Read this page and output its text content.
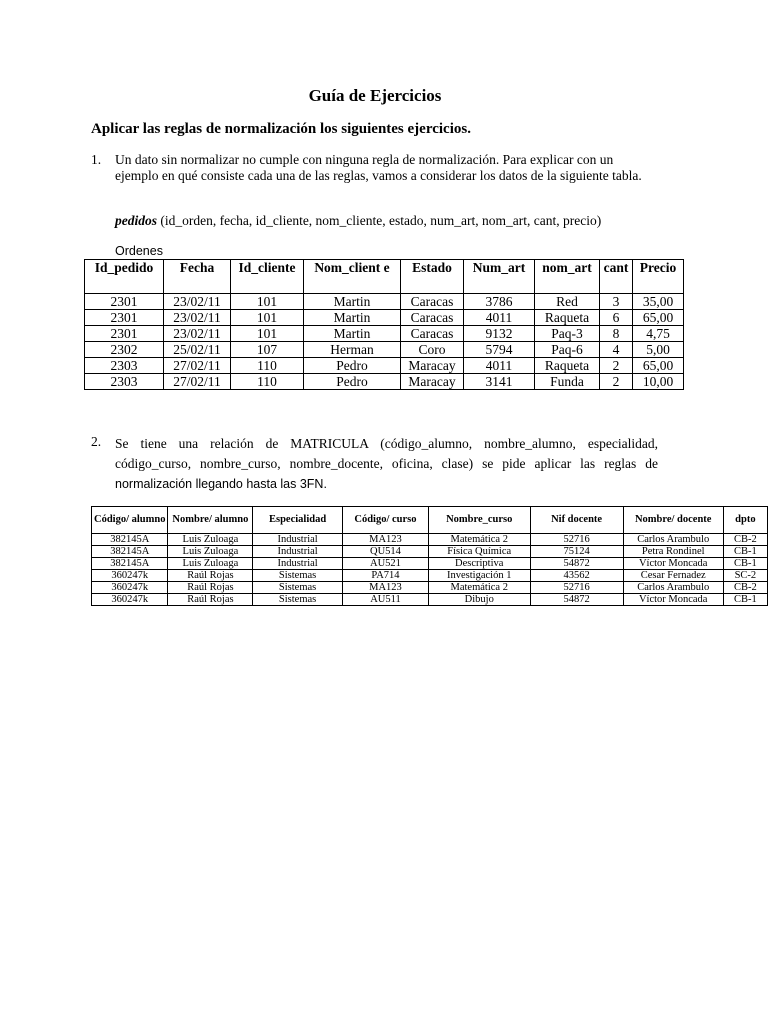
Guía de Ejercicios
Aplicar las reglas de normalización los siguientes ejercicios.
1. Un dato sin normalizar no cumple con ninguna regla de normalización. Para explicar con un ejemplo en qué consiste cada una de las reglas, vamos a considerar los datos de la siguiente tabla.
pedidos (id_orden, fecha, id_cliente, nom_cliente, estado, num_art, nom_art, cant, precio)
Ordenes
Id_pedido	Fecha	Id_cliente	Nom_client e	Estado	Num_art	nom_art	cant	Precio
2301	23/02/11	101	Martin	Caracas	3786	Red	3	35,00
2301	23/02/11	101	Martin	Caracas	4011	Raqueta	6	65,00
2301	23/02/11	101	Martin	Caracas	9132	Paq-3	8	4,75
2302	25/02/11	107	Herman	Coro	5794	Paq-6	4	5,00
2303	27/02/11	110	Pedro	Maracay	4011	Raqueta	2	65,00
2303	27/02/11	110	Pedro	Maracay	3141	Funda	2	10,00
2. Se tiene una relación de MATRICULA (código_alumno, nombre_alumno, especialidad, código_curso, nombre_curso, nombre_docente, oficina, clase) se pide aplicar las reglas de normalización llegando hasta las 3FN.
Código/ alumno	Nombre/ alumno	Especialidad	Código/ curso	Nombre_curso	Nif docente	Nombre/ docente	dpto
382145A	Luis Zuloaga	Industrial	MA123	Matemática 2	52716	Carlos Arambulo	CB-2
382145A	Luis Zuloaga	Industrial	QU514	Física Química	75124	Petra Rondinel	CB-1
382145A	Luis Zuloaga	Industrial	AU521	Descriptiva	54872	Víctor Moncada	CB-1
360247k	Raúl Rojas	Sistemas	PA714	Investigación 1	43562	Cesar Fernadez	SC-2
360247k	Raúl Rojas	Sistemas	MA123	Matemática 2	52716	Carlos Arambulo	CB-2
360247k	Raúl Rojas	Sistemas	AU511	Dibujo	54872	Víctor Moncada	CB-1
